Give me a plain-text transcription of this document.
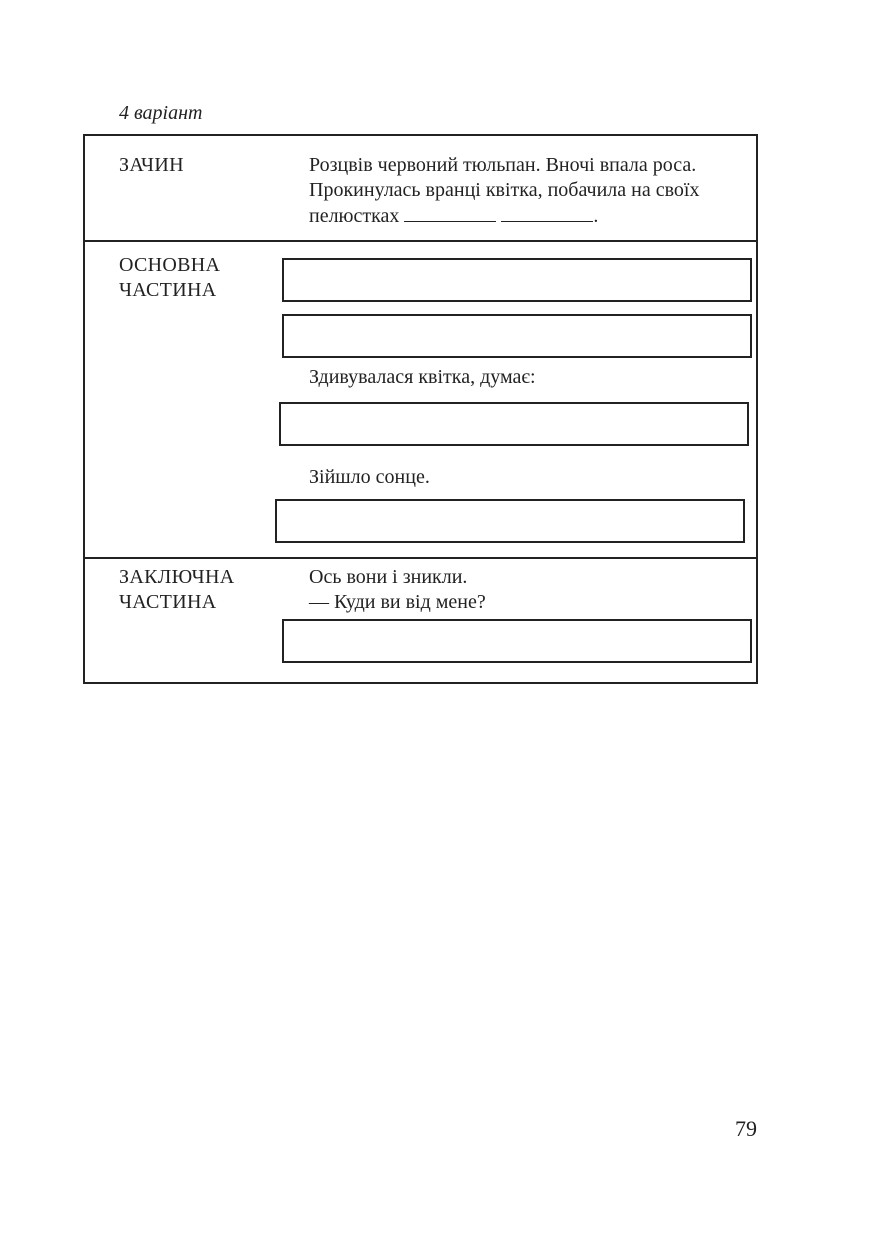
4 варіант
ЗАЧИН	Розцвів червоний тюльпан. Вночі впала роса.
Прокинулась вранці квітка, побачила на своїх
пелюстках	.
ОСНОВНА
ЧАСТИНА
Здивувалася квітка, думає:
Зійшло сонце.
ЗАКЛЮЧНА
ЧАСТИНА
Ось вони і зникли.
— Куди ви від мене?
79
